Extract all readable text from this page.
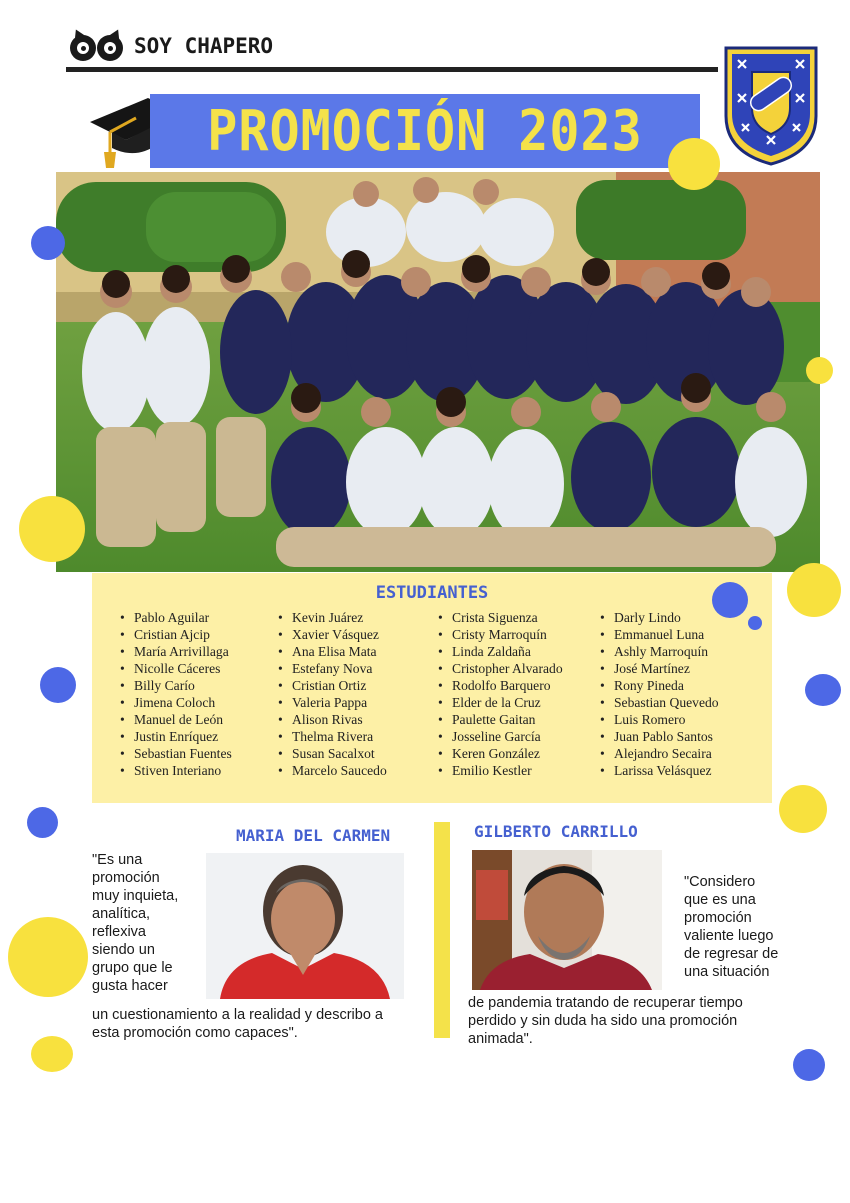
SOY CHAPERO
PROMOCIÓN 2023
ESTUDIANTES
• Pablo Aguilar
• Cristian Ajcip
• María Arrivillaga
• Nicolle Cáceres
• Billy Carío
• Jimena Coloch
• Manuel de León
• Justin Enríquez
• Sebastian Fuentes
• Stiven Interiano
• Kevin Juárez
• Xavier Vásquez
• Ana Elisa Mata
• Estefany Nova
• Cristian Ortiz
• Valeria Pappa
• Alison Rivas
• Thelma Rivera
• Susan Sacalxot
• Marcelo Saucedo
• Crista Siguenza
• Cristy Marroquín
• Linda Zaldaña
• Cristopher Alvarado
• Rodolfo Barquero
• Elder de la Cruz
• Paulette Gaitan
• Josseline García
• Keren González
• Emilio Kestler
• Darly Lindo
• Emmanuel Luna
• Ashly Marroquín
• José Martínez
• Rony Pineda
• Sebastian Quevedo
• Luis Romero
• Juan Pablo Santos
• Alejandro Secaira
• Larissa Velásquez
MARIA DEL CARMEN
"Es una
promoción
muy inquieta,
analítica,
reflexiva
siendo un
grupo que le
gusta hacer
un cuestionamiento a la realidad y describo a
esta promoción como capaces".
GILBERTO CARRILLO
"Considero
que es una
promoción
valiente luego
de regresar de
una situación
de pandemia tratando de recuperar tiempo
perdido y sin duda ha sido una promoción
animada".
